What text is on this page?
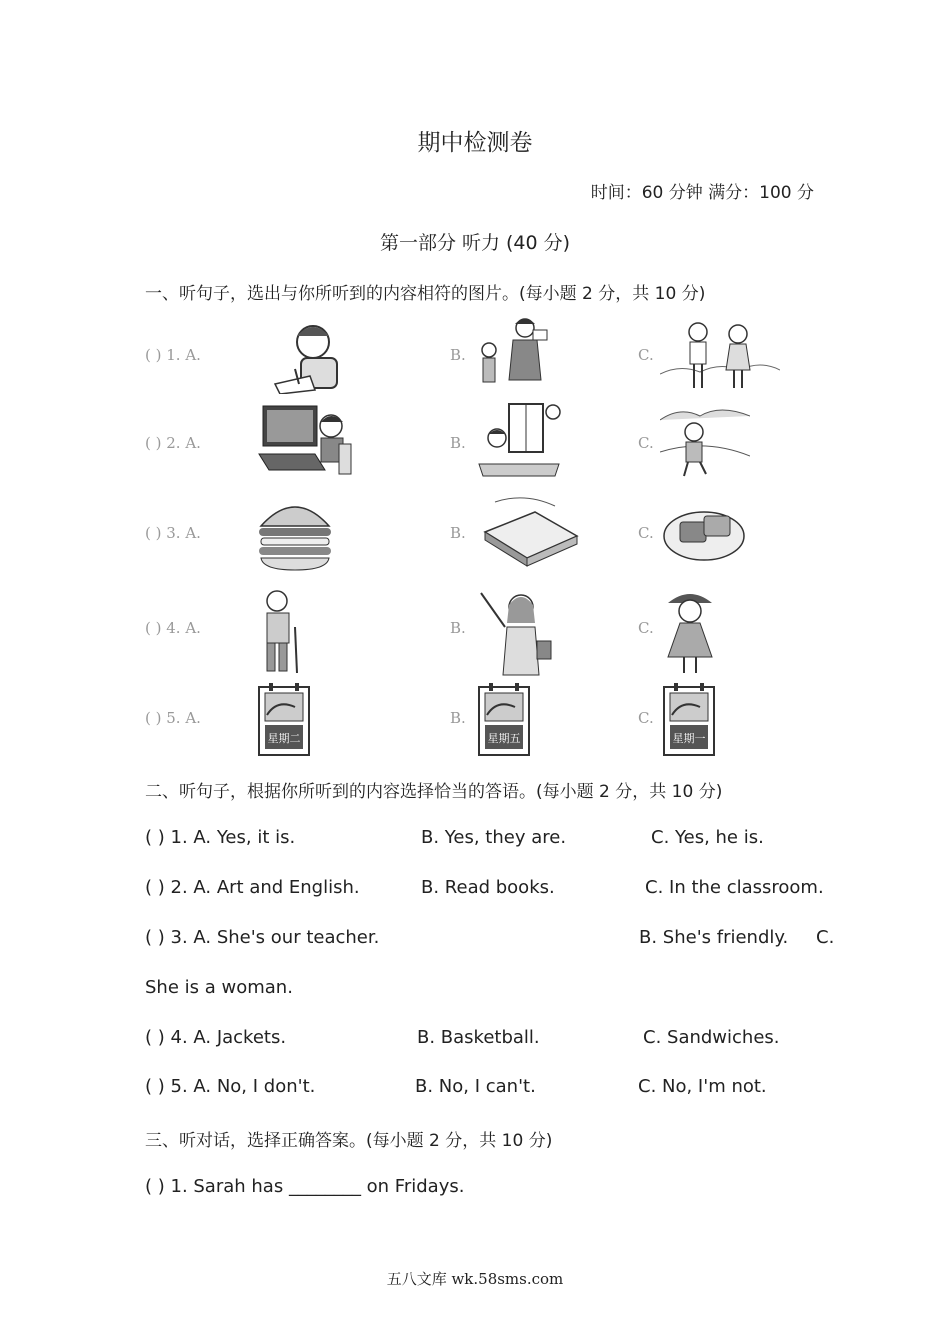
期中检测卷
时间：60 分钟 满分：100 分
第一部分 听力 (40 分)
一、听句子，选出与你所听到的内容相符的图片。(每小题 2 分，共 10 分)
( ) 1. A.	B.	C.
( ) 2. A.	B.	C.
( ) 3. A.	B.	C.
( ) 4. A.	B.	C.
( ) 5. A.	B.	C.
星期二	星期五	星期一
二、听句子，根据你所听到的内容选择恰当的答语。(每小题 2 分，共 10 分)
( ) 1. A. Yes, it is.	B. Yes, they are.	C. Yes, he is.
( ) 2. A. Art and English.	B. Read books.	C. In the classroom.
( ) 3. A. She's our teacher.	B. She's friendly. C.
She is a woman.
( ) 4. A. Jackets.	B. Basketball.	C. Sandwiches.
( ) 5. A. No, I don't.	B. No, I can't.	C. No, I'm not.
三、听对话，选择正确答案。(每小题 2 分，共 10 分)
( ) 1. Sarah has ________ on Fridays.
五八文库 wk.58sms.com
